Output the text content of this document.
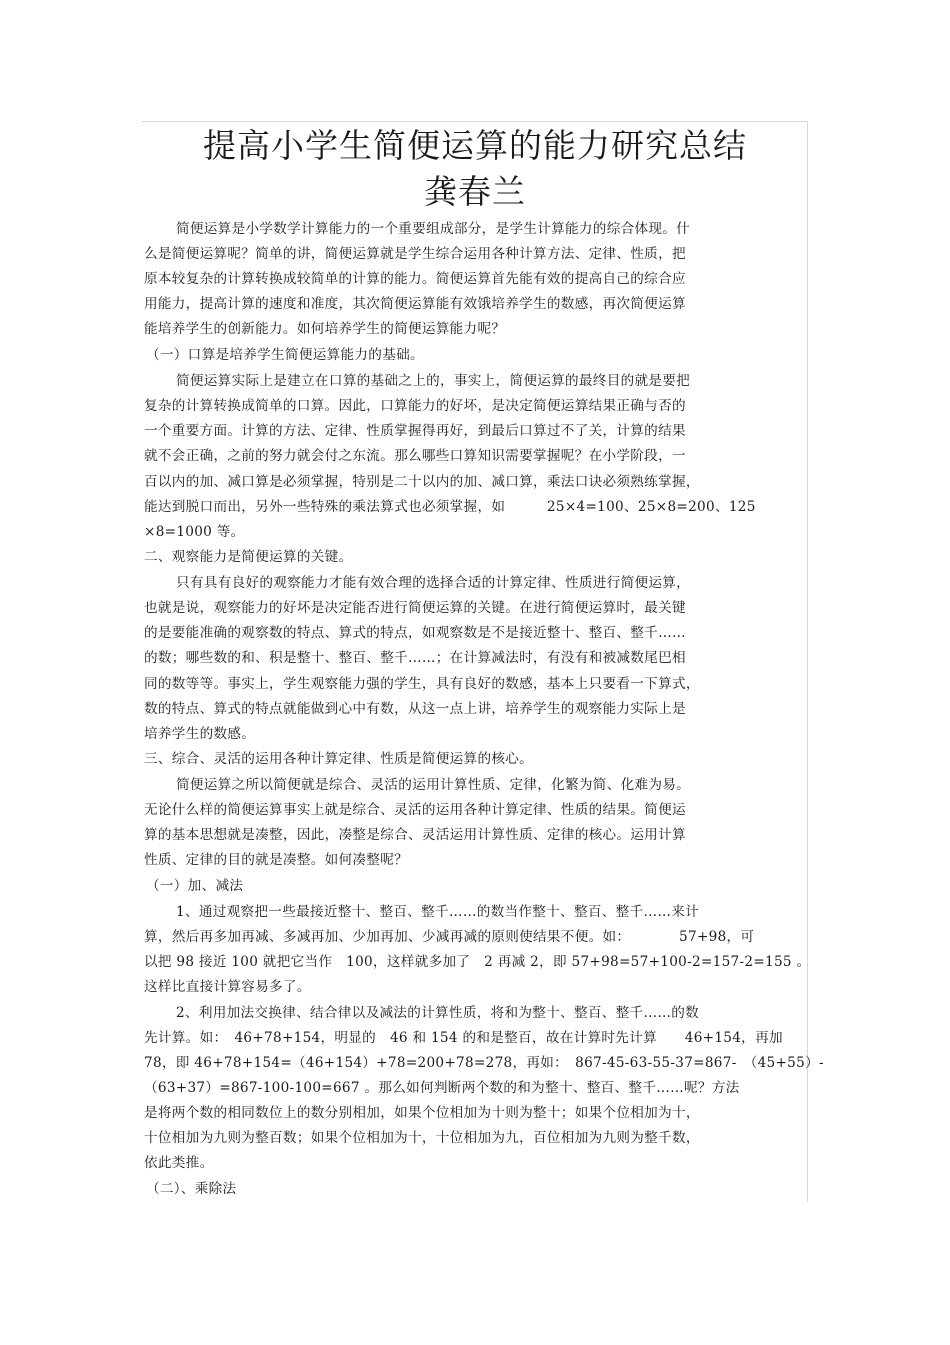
提高小学生简便运算的能力研究总结
龚春兰
简便运算是小学数学计算能力的一个重要组成部分，是学生计算能力的综合体现。什
么是简便运算呢？简单的讲，简便运算就是学生综合运用各种计算方法、定律、性质，把
原本较复杂的计算转换成较简单的计算的能力。简便运算首先能有效的提高自己的综合应
用能力，提高计算的速度和准度，其次简便运算能有效饿培养学生的数感，再次简便运算
能培养学生的创新能力。如何培养学生的简便运算能力呢？
（一）口算是培养学生简便运算能力的基础。
简便运算实际上是建立在口算的基础之上的，事实上，简便运算的最终目的就是要把
复杂的计算转换成简单的口算。因此，口算能力的好坏，是决定简便运算结果正确与否的
一个重要方面。计算的方法、定律、性质掌握得再好，到最后口算过不了关，计算的结果
就不会正确，之前的努力就会付之东流。那么哪些口算知识需要掌握呢？在小学阶段，一
百以内的加、减口算是必须掌握，特别是二十以内的加、减口算，乘法口诀必须熟练掌握，
能达到脱口而出，另外一些特殊的乘法算式也必须掌握，如　　　25×4=100、25×8=200、125
×8=1000 等。
二、观察能力是简便运算的关键。
只有具有良好的观察能力才能有效合理的选择合适的计算定律、性质进行简便运算，
也就是说，观察能力的好坏是决定能否进行简便运算的关键。在进行简便运算时，最关键
的是要能准确的观察数的特点、算式的特点，如观察数是不是接近整十、整百、整千……
的数；哪些数的和、积是整十、整百、整千……；在计算减法时，有没有和被减数尾巴相
同的数等等。事实上，学生观察能力强的学生，具有良好的数感，基本上只要看一下算式，
数的特点、算式的特点就能做到心中有数，从这一点上讲，培养学生的观察能力实际上是
培养学生的数感。
三、综合、灵活的运用各种计算定律、性质是简便运算的核心。
简便运算之所以简便就是综合、灵活的运用计算性质、定律，化繁为简、化难为易。
无论什么样的简便运算事实上就是综合、灵活的运用各种计算定律、性质的结果。简便运
算的基本思想就是凑整，因此，凑整是综合、灵活运用计算性质、定律的核心。运用计算
性质、定律的目的就是凑整。如何凑整呢？
（一）加、减法
1、通过观察把一些最接近整十、整百、整千……的数当作整十、整百、整千……来计
算，然后再多加再减、多减再加、少加再加、少减再减的原则使结果不便。如：　　　　57+98，可
以把 98 接近 100 就把它当作　100，这样就多加了　2 再减 2，即 57+98=57+100-2=157-2=155 。
这样比直接计算容易多了。
2、利用加法交换律、结合律以及减法的计算性质，将和为整十、整百、整千……的数
先计算。如：　46+78+154，明显的　46 和 154 的和是整百，故在计算时先计算　　46+154，再加
78，即 46+78+154=（46+154）+78=200+78=278，再如：　867-45-63-55-37=867-　（45+55）-
（63+37）=867-100-100=667 。那么如何判断两个数的和为整十、整百、整千……呢？方法
是将两个数的相同数位上的数分别相加，如果个位相加为十则为整十；如果个位相加为十，
十位相加为九则为整百数；如果个位相加为十，十位相加为九，百位相加为九则为整千数，
依此类推。
（二）、乘除法
